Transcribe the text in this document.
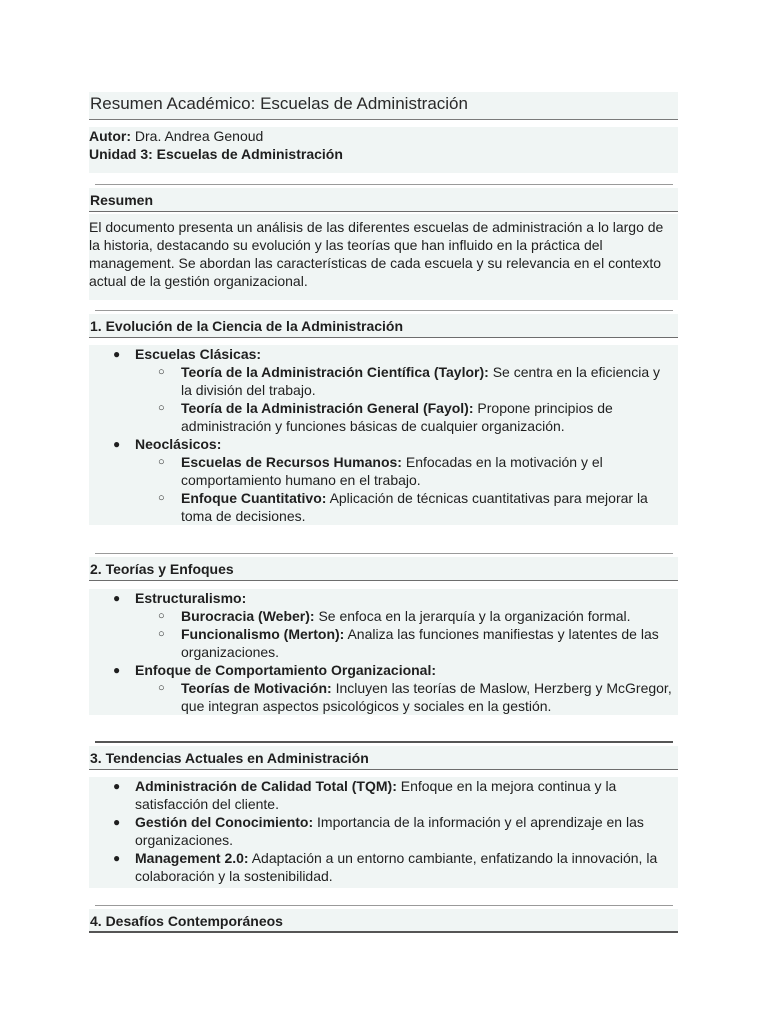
Resumen Académico: Escuelas de Administración
Autor: Dra. Andrea Genoud
Unidad 3: Escuelas de Administración
Resumen
El documento presenta un análisis de las diferentes escuelas de administración a lo largo de la historia, destacando su evolución y las teorías que han influido en la práctica del management. Se abordan las características de cada escuela y su relevancia en el contexto actual de la gestión organizacional.
1. Evolución de la Ciencia de la Administración
● Escuelas Clásicas:
○ Teoría de la Administración Científica (Taylor): Se centra en la eficiencia y la división del trabajo.
○ Teoría de la Administración General (Fayol): Propone principios de administración y funciones básicas de cualquier organización.
● Neoclásicos:
○ Escuelas de Recursos Humanos: Enfocadas en la motivación y el comportamiento humano en el trabajo.
○ Enfoque Cuantitativo: Aplicación de técnicas cuantitativas para mejorar la toma de decisiones.
2. Teorías y Enfoques
● Estructuralismo:
○ Burocracia (Weber): Se enfoca en la jerarquía y la organización formal.
○ Funcionalismo (Merton): Analiza las funciones manifiestas y latentes de las organizaciones.
● Enfoque de Comportamiento Organizacional:
○ Teorías de Motivación: Incluyen las teorías de Maslow, Herzberg y McGregor, que integran aspectos psicológicos y sociales en la gestión.
3. Tendencias Actuales en Administración
● Administración de Calidad Total (TQM): Enfoque en la mejora continua y la satisfacción del cliente.
● Gestión del Conocimiento: Importancia de la información y el aprendizaje en las organizaciones.
● Management 2.0: Adaptación a un entorno cambiante, enfatizando la innovación, la colaboración y la sostenibilidad.
4. Desafíos Contemporáneos
